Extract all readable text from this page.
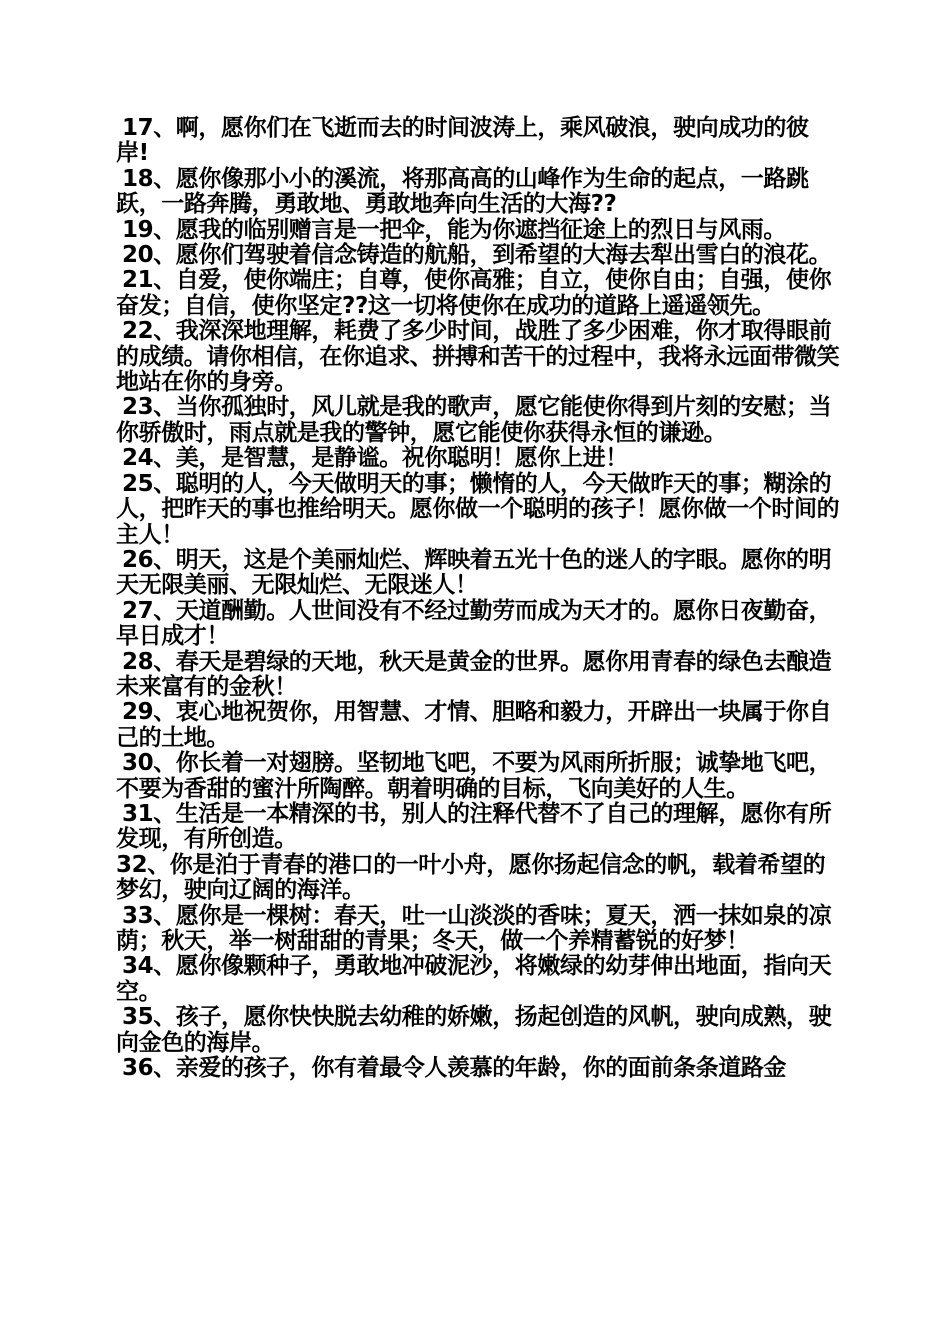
17、啊，愿你们在飞逝而去的时间波涛上，乘风破浪，驶向成功的彼岸!

18、愿你像那小小的溪流，将那高高的山峰作为生命的起点，一路跳跃，一路奔腾，勇敢地、勇敢地奔向生活的大海??

19、愿我的临别赠言是一把伞，能为你遮挡征途上的烈日与风雨。

20、愿你们驾驶着信念铸造的航船，到希望的大海去犁出雪白的浪花。

21、自爱，使你端庄；自尊，使你高雅；自立，使你自由；自强，使你奋发；自信，使你坚定??这一切将使你在成功的道路上遥遥领先。

22、我深深地理解，耗费了多少时间，战胜了多少困难，你才取得眼前的成绩。请你相信，在你追求、拼搏和苦干的过程中，我将永远面带微笑地站在你的身旁。

23、当你孤独时，风儿就是我的歌声，愿它能使你得到片刻的安慰；当你骄傲时，雨点就是我的警钟，愿它能使你获得永恒的谦逊。

24、美，是智慧，是静谧。祝你聪明！愿你上进！

25、聪明的人，今天做明天的事；懒惰的人，今天做昨天的事；糊涂的人，把昨天的事也推给明天。愿你做一个聪明的孩子！愿你做一个时间的主人！

26、明天，这是个美丽灿烂、辉映着五光十色的迷人的字眼。愿你的明天无限美丽、无限灿烂、无限迷人！

27、天道酬勤。人世间没有不经过勤劳而成为天才的。愿你日夜勤奋，早日成才！

28、春天是碧绿的天地，秋天是黄金的世界。愿你用青春的绿色去酿造未来富有的金秋！

29、衷心地祝贺你，用智慧、才情、胆略和毅力，开辟出一块属于你自己的土地。

30、你长着一对翅膀。坚韧地飞吧，不要为风雨所折服；诚挚地飞吧，不要为香甜的蜜汁所陶醉。朝着明确的目标，飞向美好的人生。

31、生活是一本精深的书，别人的注释代替不了自己的理解，愿你有所发现，有所创造。

32、你是泊于青春的港口的一叶小舟，愿你扬起信念的帆，载着希望的梦幻，驶向辽阔的海洋。

33、愿你是一棵树：春天，吐一山淡淡的香味；夏天，洒一抹如泉的凉荫；秋天，举一树甜甜的青果；冬天，做一个养精蓄锐的好梦！

34、愿你像颗种子，勇敢地冲破泥沙，将嫩绿的幼芽伸出地面，指向天空。

35、孩子，愿你快快脱去幼稚的娇嫩，扬起创造的风帆，驶向成熟，驶向金色的海岸。

36、亲爱的孩子，你有着最令人羡慕的年龄，你的面前条条道路金
